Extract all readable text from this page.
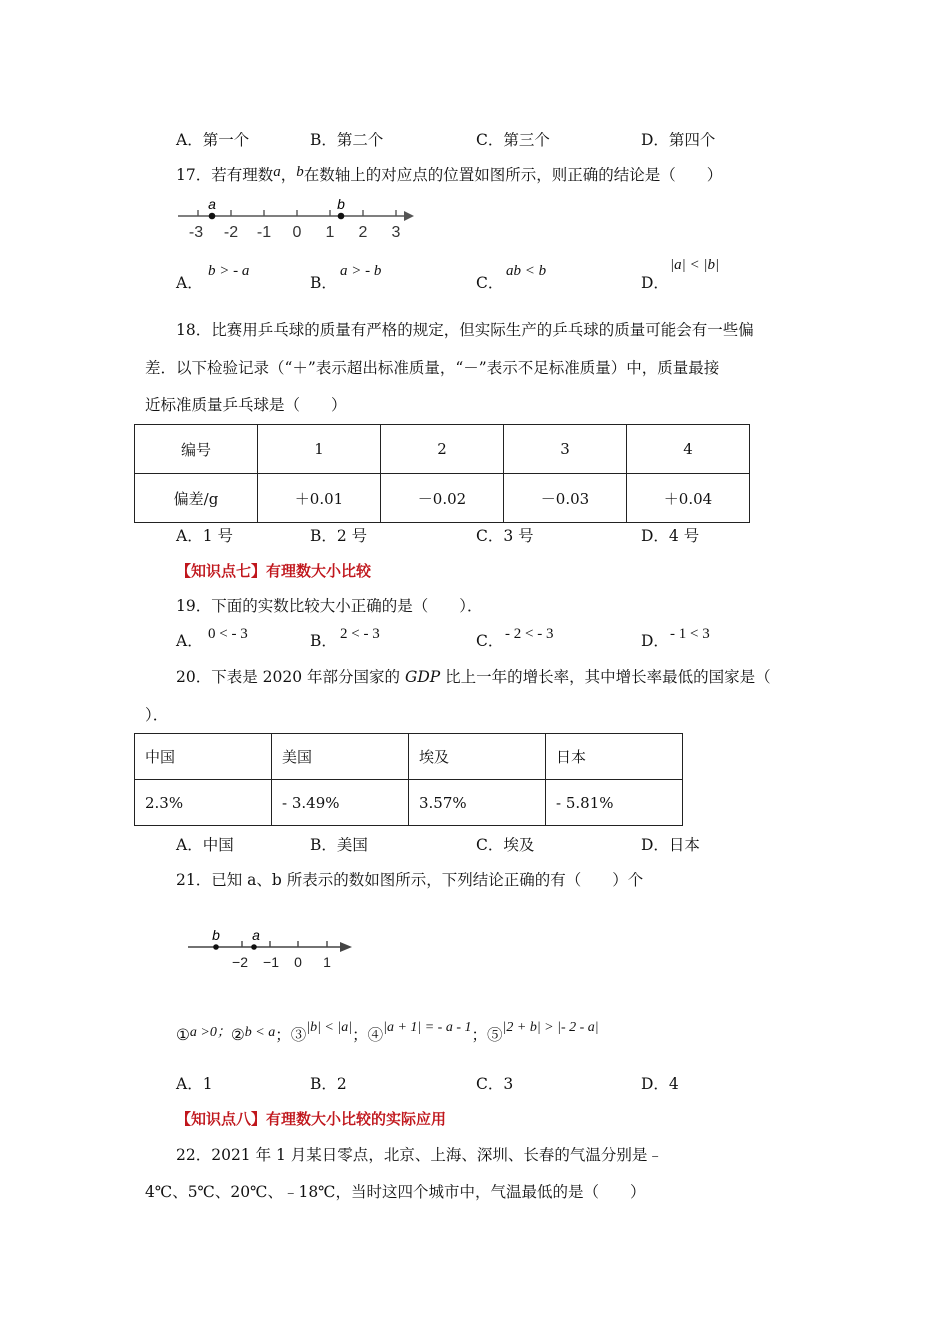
A．第一个	B．第二个	C．第三个	D．第四个
17．若有理数a，b在数轴上的对应点的位置如图所示，则正确的结论是（　　）
a	b
-3 -2 -1 0 1 2 3
A．
b > - a
B．
a > - b
C．
ab < b
D．
|a| < |b|
18．比赛用乒乓球的质量有严格的规定，但实际生产的乒乓球的质量可能会有一些偏
差．以下检验记录（“＋”表示超出标准质量，“－”表示不足标准质量）中，质量最接
近标准质量乒乓球是（　　）
编号	1	2	3	4
偏差/g	＋0.01	－0.02	－0.03	＋0.04
A．1 号	B．2 号	C．3 号	D．4 号
【知识点七】有理数大小比较
19．下面的实数比较大小正确的是（　　）．
A． 0 < - 3	B． 2 < - 3	C． - 2 < - 3	D． - 1 < 3
20．下表是 2020 年部分国家的 GDP 比上一年的增长率，其中增长率最低的国家是（
）．
中国	美国	埃及	日本
2.3%	- 3.49%	3.57%	- 5.81%
A．中国	B．美国	C．埃及	D．日本
21．已知 a、b 所表示的数如图所示，下列结论正确的有（　　）个
b a
−2 −1 0 1
①a >0；②b < a；③|b| < |a|；④|a + 1| = - a - 1；⑤|2 + b| > |- 2 - a|
A．1	B．2	C．3	D．4
【知识点八】有理数大小比较的实际应用
22．2021 年 1 月某日零点，北京、上海、深圳、长春的气温分别是﹣
4℃、5℃、20℃、﹣18℃，当时这四个城市中，气温最低的是（　　）
